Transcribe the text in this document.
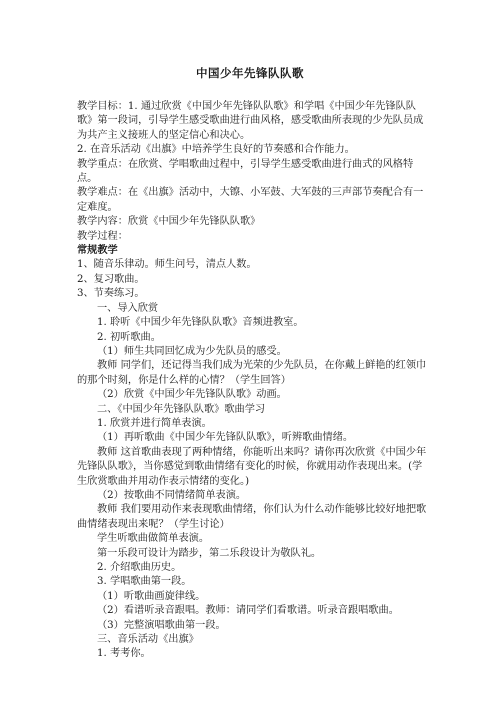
中国少年先锋队队歌

教学目标：1. 通过欣赏《中国少年先锋队队歌》和学唱《中国少年先锋队队歌》第一段词，引导学生感受歌曲进行曲风格，感受歌曲所表现的少先队员成为共产主义接班人的坚定信心和决心。

2. 在音乐活动《出旗》中培养学生良好的节奏感和合作能力。

教学重点：在欣赏、学唱歌曲过程中，引导学生感受歌曲进行曲式的风格特点。

教学难点：在《出旗》活动中，大镲、小军鼓、大军鼓的三声部节奏配合有一定难度。

教学内容：欣赏《中国少年先锋队队歌》

教学过程：

常规教学

1、随音乐律动。师生问号，清点人数。

2、复习歌曲。

3、节奏练习。

一、导入欣赏

1. 聆听《中国少年先锋队队歌》音频进教室。

2. 初听歌曲。

（1）师生共同回忆成为少先队员的感受。

教师 同学们，还记得当我们成为光荣的少先队员，在你戴上鲜艳的红领巾的那个时刻，你是什么样的心情？（学生回答）

（2）欣赏《中国少年先锋队队歌》动画。

二、《中国少年先锋队队歌》歌曲学习

1. 欣赏并进行简单表演。

（1）再听歌曲《中国少年先锋队队歌》，听辨歌曲情绪。

教师 这首歌曲表现了两种情绪，你能听出来吗？请你再次欣赏《中国少年先锋队队歌》，当你感觉到歌曲情绪有变化的时候，你就用动作表现出来。(学生欣赏歌曲并用动作表示情绪的变化。)

（2）按歌曲不同情绪简单表演。

教师 我们要用动作来表现歌曲情绪，你们认为什么动作能够比较好地把歌曲情绪表现出来呢？（学生讨论）

学生听歌曲做简单表演。

第一乐段可设计为踏步，第二乐段设计为敬队礼。

2. 介绍歌曲历史。

3. 学唱歌曲第一段。

（1）听歌曲画旋律线。

（2）看谱听录音跟唱。教师：请同学们看歌谱。听录音跟唱歌曲。

（3）完整演唱歌曲第一段。

三、音乐活动《出旗》

1. 考考你。
